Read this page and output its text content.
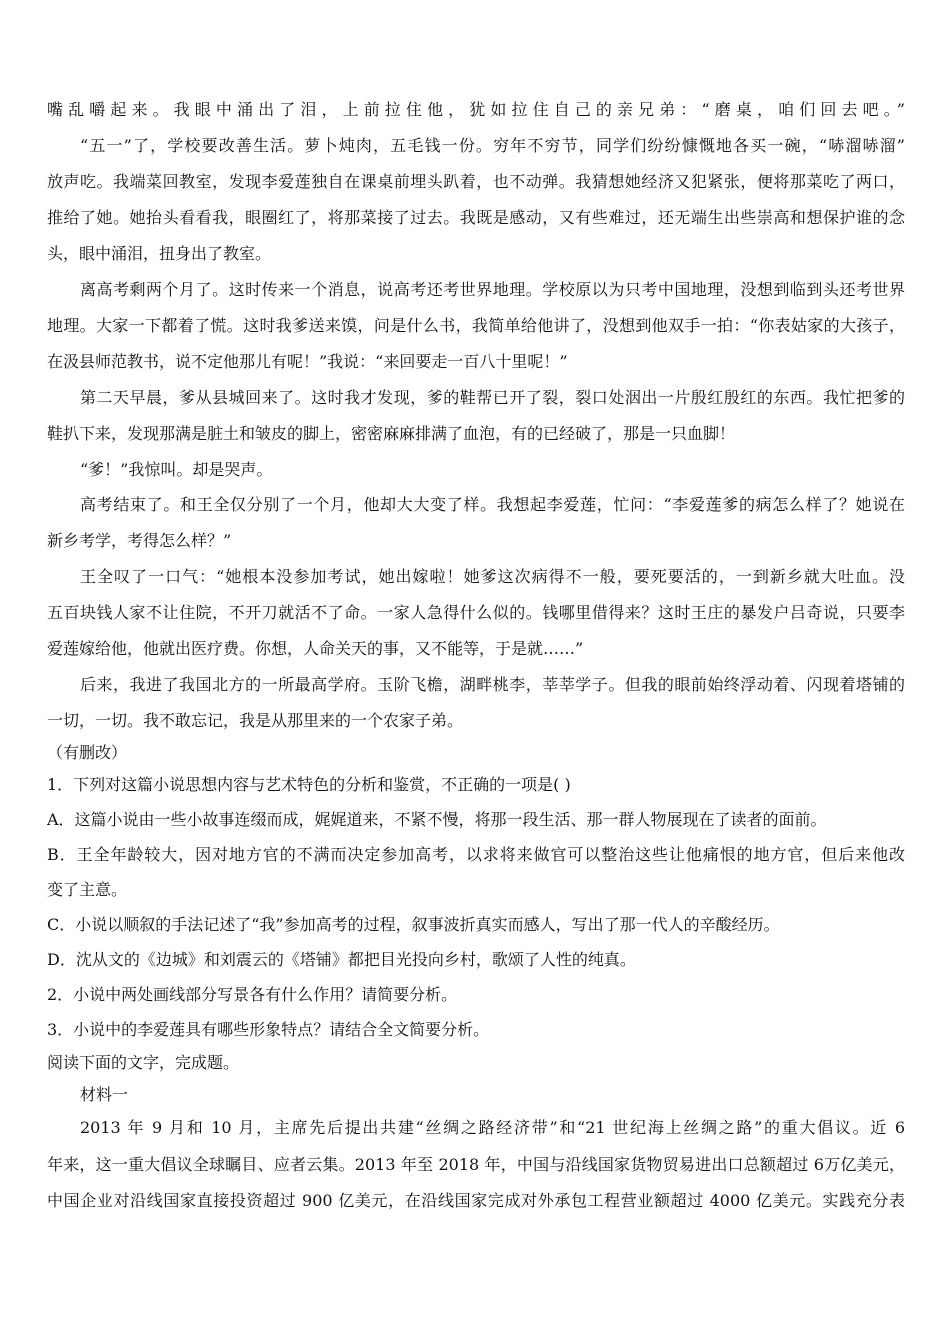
嘴乱嚼起来。我眼中涌出了泪，上前拉住他，犹如拉住自己的亲兄弟：“磨桌，咱们回去吧。”
“五一”了，学校要改善生活。萝卜炖肉，五毛钱一份。穷年不穷节，同学们纷纷慷慨地各买一碗，“哧溜哧溜”
放声吃。我端菜回教室，发现李爱莲独自在课桌前埋头趴着，也不动弹。我猜想她经济又犯紧张，便将那菜吃了两口，
推给了她。她抬头看看我，眼圈红了，将那菜接了过去。我既是感动，又有些难过，还无端生出些崇高和想保护谁的念
头，眼中涌泪，扭身出了教室。
离高考剩两个月了。这时传来一个消息，说高考还考世界地理。学校原以为只考中国地理，没想到临到头还考世界
地理。大家一下都着了慌。这时我爹送来馍，问是什么书，我简单给他讲了，没想到他双手一拍：“你表姑家的大孩子，
在汲县师范教书，说不定他那儿有呢！”我说：“来回要走一百八十里呢！”
第二天早晨，爹从县城回来了。这时我才发现，爹的鞋帮已开了裂，裂口处洇出一片殷红殷红的东西。我忙把爹的
鞋扒下来，发现那满是脏土和皱皮的脚上，密密麻麻排满了血泡，有的已经破了，那是一只血脚！
“爹！”我惊叫。却是哭声。
高考结束了。和王全仅分别了一个月，他却大大变了样。我想起李爱莲，忙问：“李爱莲爹的病怎么样了？她说在
新乡考学，考得怎么样？”
王全叹了一口气：“她根本没参加考试，她出嫁啦！她爹这次病得不一般，要死要活的，一到新乡就大吐血。没
五百块钱人家不让住院，不开刀就活不了命。一家人急得什么似的。钱哪里借得来？这时王庄的暴发户吕奇说，只要李
爱莲嫁给他，他就出医疗费。你想，人命关天的事，又不能等，于是就……”
后来，我进了我国北方的一所最高学府。玉阶飞檐，湖畔桃李，莘莘学子。但我的眼前始终浮动着、闪现着塔铺的
一切，一切。我不敢忘记，我是从那里来的一个农家子弟。
（有删改）
1．下列对这篇小说思想内容与艺术特色的分析和鉴赏，不正确的一项是( )
A．这篇小说由一些小故事连缀而成，娓娓道来，不紧不慢，将那一段生活、那一群人物展现在了读者的面前。
B．王全年龄较大，因对地方官的不满而决定参加高考，以求将来做官可以整治这些让他痛恨的地方官，但后来他改
变了主意。
C．小说以顺叙的手法记述了“我”参加高考的过程，叙事波折真实而感人，写出了那一代人的辛酸经历。
D．沈从文的《边城》和刘震云的《塔铺》都把目光投向乡村，歌颂了人性的纯真。
2．小说中两处画线部分写景各有什么作用？请简要分析。
3．小说中的李爱莲具有哪些形象特点？请结合全文简要分析。
阅读下面的文字，完成题。
材料一
2013 年 9 月和 10 月，主席先后提出共建“丝绸之路经济带”和“21 世纪海上丝绸之路”的重大倡议。近 6
年来，这一重大倡议全球瞩目、应者云集。2013 年至 2018 年，中国与沿线国家货物贸易进出口总额超过 6万亿美元，
中国企业对沿线国家直接投资超过 900 亿美元，在沿线国家完成对外承包工程营业额超过 4000 亿美元。实践充分表
